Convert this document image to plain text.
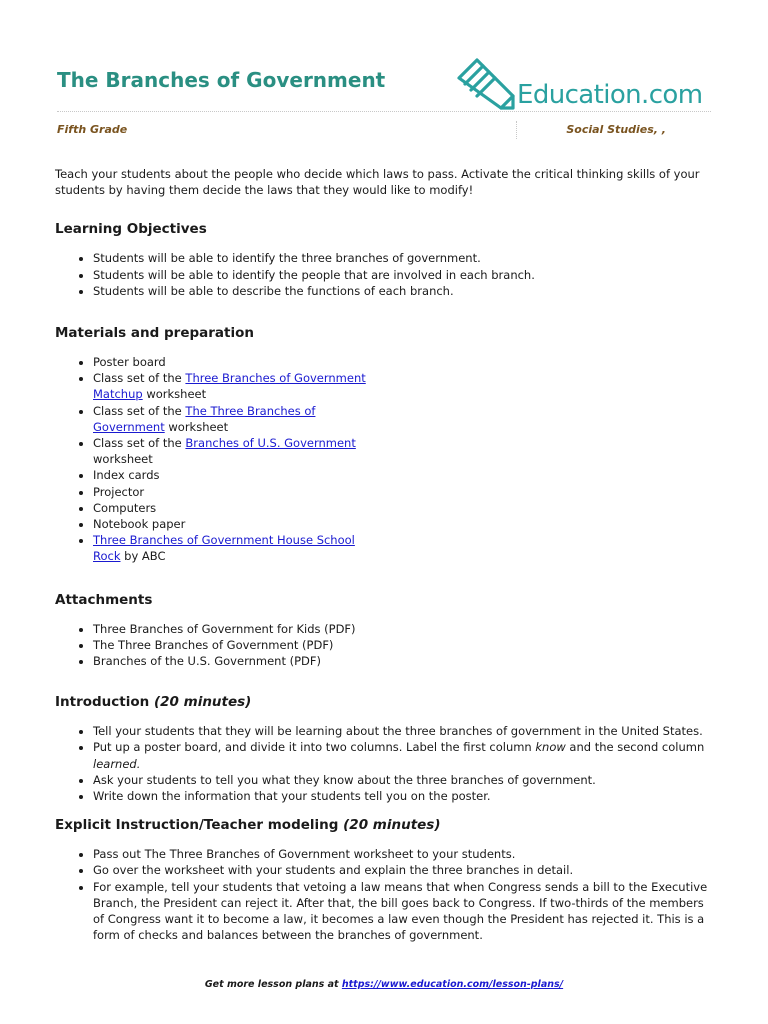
The Branches of Government	Education.com
Fifth Grade	Social Studies, ,

Teach your students about the people who decide which laws to pass. Activate the critical thinking skills of your students by having them decide the laws that they would like to modify!

Learning Objectives
• Students will be able to identify the three branches of government.
• Students will be able to identify the people that are involved in each branch.
• Students will be able to describe the functions of each branch.
Materials and preparation
• Poster board
• Class set of the Three Branches of Government Matchup worksheet
• Class set of the The Three Branches of Government worksheet
• Class set of the Branches of U.S. Government worksheet
• Index cards
• Projector
• Computers
• Notebook paper
• Three Branches of Government House School Rock by ABC
Attachments
• Three Branches of Government for Kids (PDF)
• The Three Branches of Government (PDF)
• Branches of the U.S. Government (PDF)
Introduction (20 minutes)
• Tell your students that they will be learning about the three branches of government in the United States.
• Put up a poster board, and divide it into two columns. Label the first column know and the second column learned.
• Ask your students to tell you what they know about the three branches of government.
• Write down the information that your students tell you on the poster.
Explicit Instruction/Teacher modeling (20 minutes)
• Pass out The Three Branches of Government worksheet to your students.
• Go over the worksheet with your students and explain the three branches in detail.
• For example, tell your students that vetoing a law means that when Congress sends a bill to the Executive Branch, the President can reject it. After that, the bill goes back to Congress. If two-thirds of the members of Congress want it to become a law, it becomes a law even though the President has rejected it. This is a form of checks and balances between the branches of government.
Get more lesson plans at https://www.education.com/lesson-plans/
